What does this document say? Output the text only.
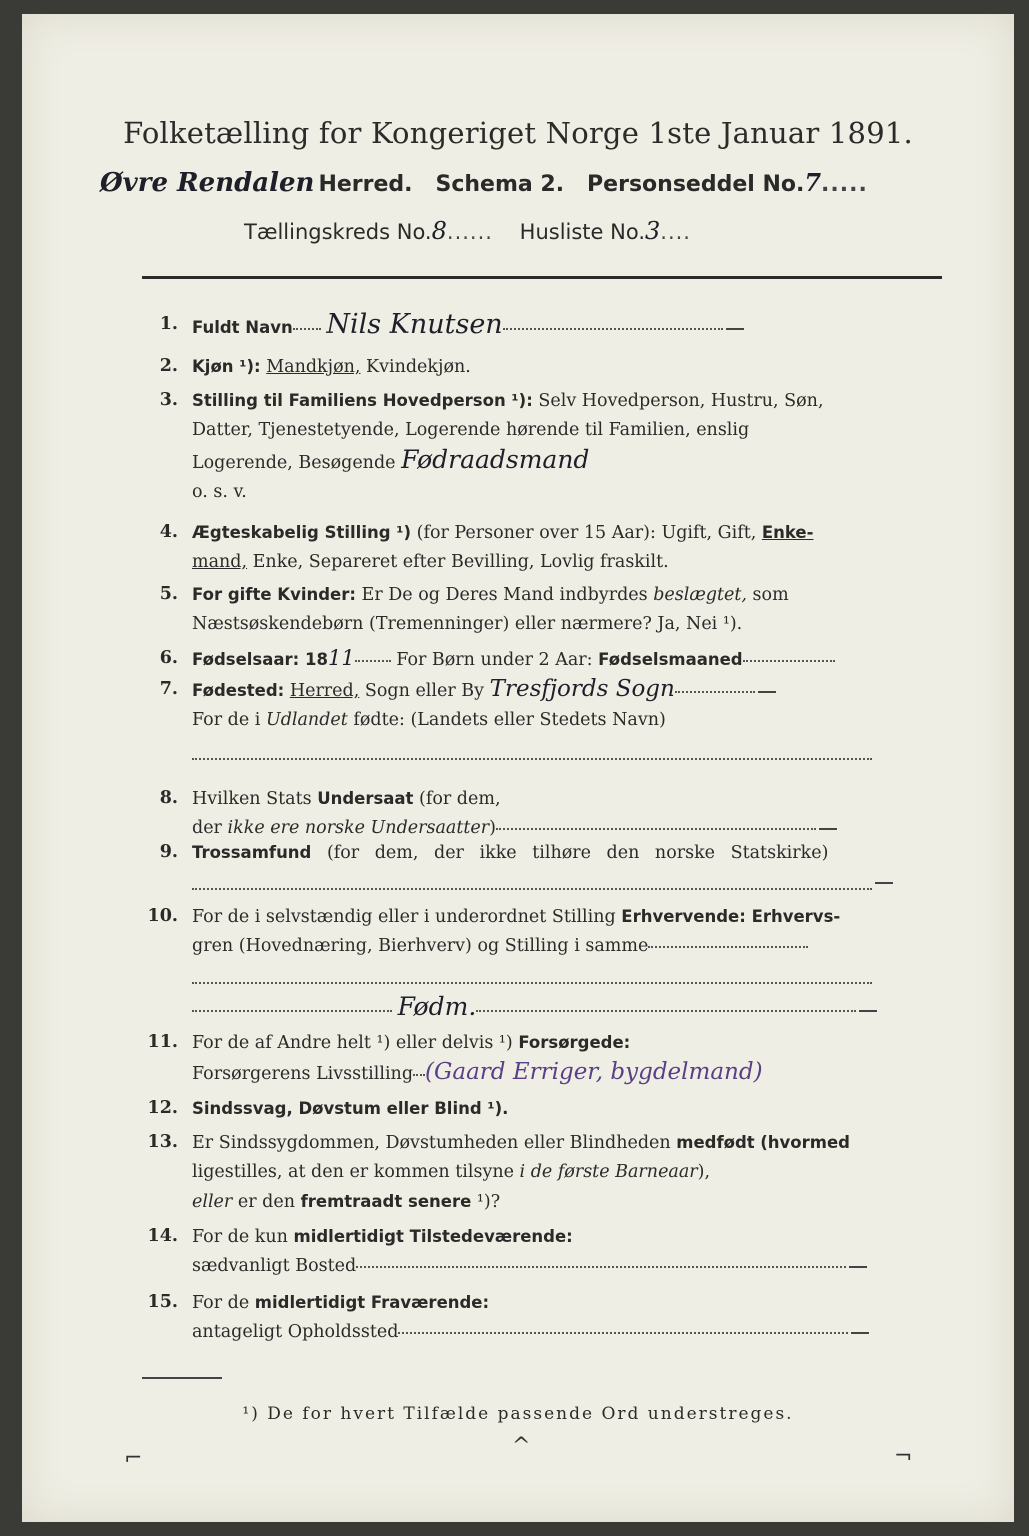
Folketælling for Kongeriget Norge 1ste Januar 1891.
Øvre Rendalen Herred. Schema 2. Personseddel No.7.....
Tællingskreds No.8...... Husliste No.3....
1. Fuldt Navn Nils Knutsen
2. Kjøn ¹): Mandkjøn, Kvindekjøn.
3. Stilling til Familiens Hovedperson ¹): Selv Hovedperson, Hustru, Søn,
Datter, Tjenestetyende, Logerende hørende til Familien, enslig
Logerende, Besøgende Fødraadsmand
o. s. v.
4. Ægteskabelig Stilling ¹) (for Personer over 15 Aar): Ugift, Gift, Enke-
mand, Enke, Separeret efter Bevilling, Lovlig fraskilt.
5. For gifte Kvinder: Er De og Deres Mand indbyrdes beslægtet, som
Næstsøskendebørn (Tremenninger) eller nærmere? Ja, Nei ¹).
6. Fødselsaar: 1811 For Børn under 2 Aar: Fødselsmaaned
7. Fødested: Herred, Sogn eller By Tresfjords Sogn
For de i Udlandet fødte: (Landets eller Stedets Navn)
8. Hvilken Stats Undersaat (for dem,
der ikke ere norske Undersaatter)
9. Trossamfund (for dem, der ikke tilhøre den norske Statskirke)
10. For de i selvstændig eller i underordnet Stilling Erhvervende: Erhvervs-
gren (Hovednæring, Bierhverv) og Stilling i samme
Fødm.
11. For de af Andre helt ¹) eller delvis ¹) Forsørgede:
Forsørgerens Livsstilling (Gaard Erriger, bygdelmand)
12. Sindssvag, Døvstum eller Blind ¹).
13. Er Sindssygdommen, Døvstumheden eller Blindheden medfødt (hvormed
ligestilles, at den er kommen tilsyne i de første Barneaar),
eller er den fremtraadt senere ¹)?
14. For de kun midlertidigt Tilstedeværende:
sædvanligt Bosted
15. For de midlertidigt Fraværende:
antageligt Opholdssted
¹) De for hvert Tilfælde passende Ord understreges.
⌐	^	¬
